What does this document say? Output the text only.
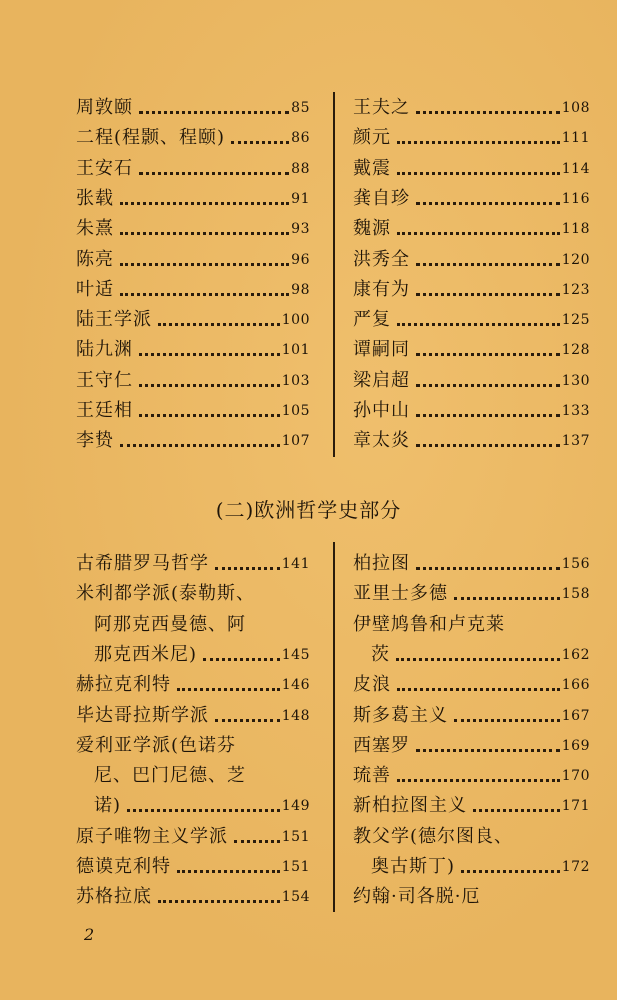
周敦颐	85
二程(程颢、程颐)	86
王安石	88
张载	91
朱熹	93
陈亮	96
叶适	98
陆王学派	100
陆九渊	101
王守仁	103
王廷相	105
李贽	107
王夫之	108
颜元	111
戴震	114
龚自珍	116
魏源	118
洪秀全	120
康有为	123
严复	125
谭嗣同	128
梁启超	130
孙中山	133
章太炎	137
(二)欧洲哲学史部分
古希腊罗马哲学	141
米利都学派(泰勒斯、
阿那克西曼德、阿
那克西米尼)	145
赫拉克利特	146
毕达哥拉斯学派	148
爱利亚学派(色诺芬
尼、巴门尼德、芝
诺)	149
原子唯物主义学派	151
德谟克利特	151
苏格拉底	154
柏拉图	156
亚里士多德	158
伊壁鸠鲁和卢克莱
茨	162
皮浪	166
斯多葛主义	167
西塞罗	169
琉善	170
新柏拉图主义	171
教父学(德尔图良、
奥古斯丁)	172
约翰·司各脱·厄
2
